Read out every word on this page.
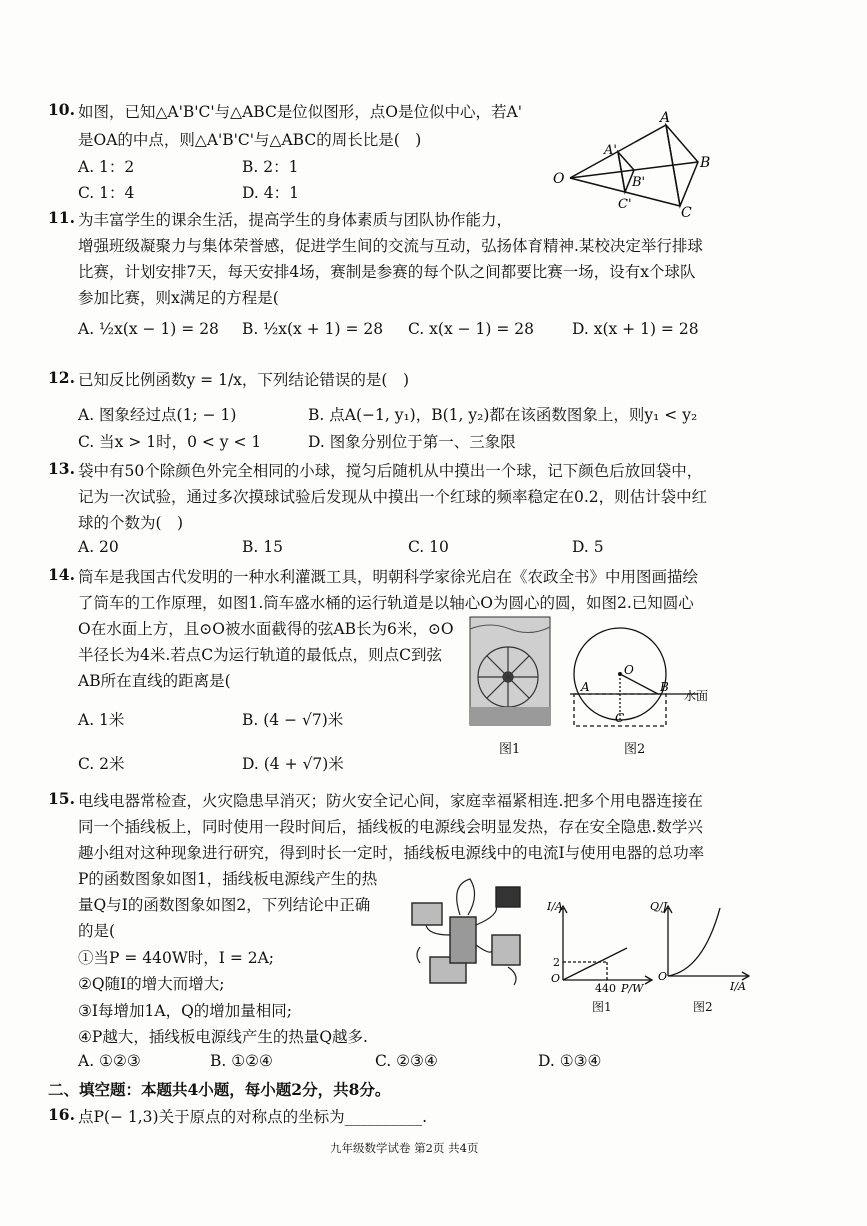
10. 如图，已知△A'B'C'与△ABC是位似图形，点O是位似中心，若A'
是OA的中点，则△A'B'C'与△ABC的周长比是(　)
A. 1：2	B. 2：1
C. 1：4	D. 4：1
O
A
B
C
A'
B'
C'
11. 为丰富学生的课余生活，提高学生的身体素质与团队协作能力，
增强班级凝聚力与集体荣誉感，促进学生间的交流与互动，弘扬体育精神.某校决定举行排球
比赛，计划安排7天，每天安排4场，赛制是参赛的每个队之间都要比赛一场，设有x个球队
参加比赛，则x满足的方程是(
A. ½x(x − 1) = 28 B. ½x(x + 1) = 28 C. x(x − 1) = 28 D. x(x + 1) = 28
12. 已知反比例函数y = 1/x，下列结论错误的是(　)
A. 图象经过点(1; − 1)	B. 点A(−1, y₁)，B(1, y₂)都在该函数图象上，则y₁ < y₂
C. 当x > 1时，0 < y < 1	D. 图象分别位于第一、三象限
13. 袋中有50个除颜色外完全相同的小球，搅匀后随机从中摸出一个球，记下颜色后放回袋中，
记为一次试验，通过多次摸球试验后发现从中摸出一个红球的频率稳定在0.2，则估计袋中红
球的个数为(　)
A. 20	B. 15	C. 10	D. 5
14. 筒车是我国古代发明的一种水利灌溉工具，明朝科学家徐光启在《农政全书》中用图画描绘
了筒车的工作原理，如图1.筒车盛水桶的运行轨道是以轴心O为圆心的圆，如图2.已知圆心
O在水面上方，且⊙O被水面截得的弦AB长为6米，⊙O
半径长为4米.若点C为运行轨道的最低点，则点C到弦
AB所在直线的距离是(
A. 1米	B. (4 − √7)米
C. 2米	D. (4 + √7)米
图1
O
A	B
C
水面
图2
15. 电线电器常检查，火灾隐患早消灭；防火安全记心间，家庭幸福紧相连.把多个用电器连接在
同一个插线板上，同时使用一段时间后，插线板的电源线会明显发热，存在安全隐患.数学兴
趣小组对这种现象进行研究，得到时长一定时，插线板电源线中的电流I与使用电器的总功率
P的函数图象如图1，插线板电源线产生的热
量Q与I的函数图象如图2，下列结论中正确
的是(
①当P = 440W时，I = 2A;
②Q随I的增大而增大;
③I每增加1A，Q的增加量相同;
④P越大，插线板电源线产生的热量Q越多.
A. ①②③	B. ①②④	C. ②③④	D. ①③④
I/A
P/W
O
2
440
图1
Q/J
I/A
O
图2
二、填空题：本题共4小题，每小题2分，共8分。
16. 点P(− 1,3)关于原点的对称点的坐标为__________.
九年级数学试卷 第2页 共4页
